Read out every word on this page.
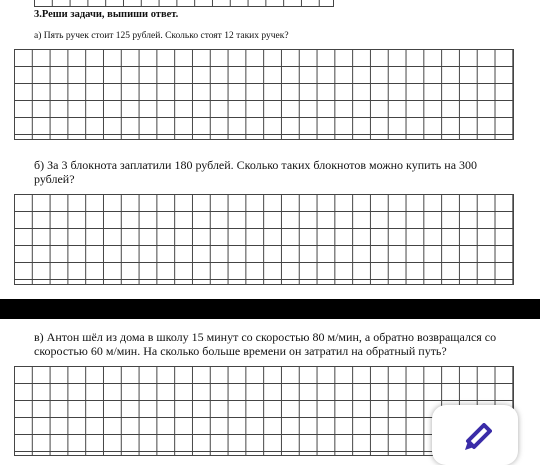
3.Реши задачи, выпиши ответ.

а) Пять ручек стоит 125 рублей. Сколько стоят 12 таких ручек?

б) За 3 блокнота заплатили 180 рублей. Сколько таких блокнотов можно купить на 300 рублей?

в) Антон шёл из дома в школу 15 минут со скоростью 80 м/мин, а обратно возвращался со скоростью 60 м/мин. На сколько больше времени он затратил на обратный путь?
